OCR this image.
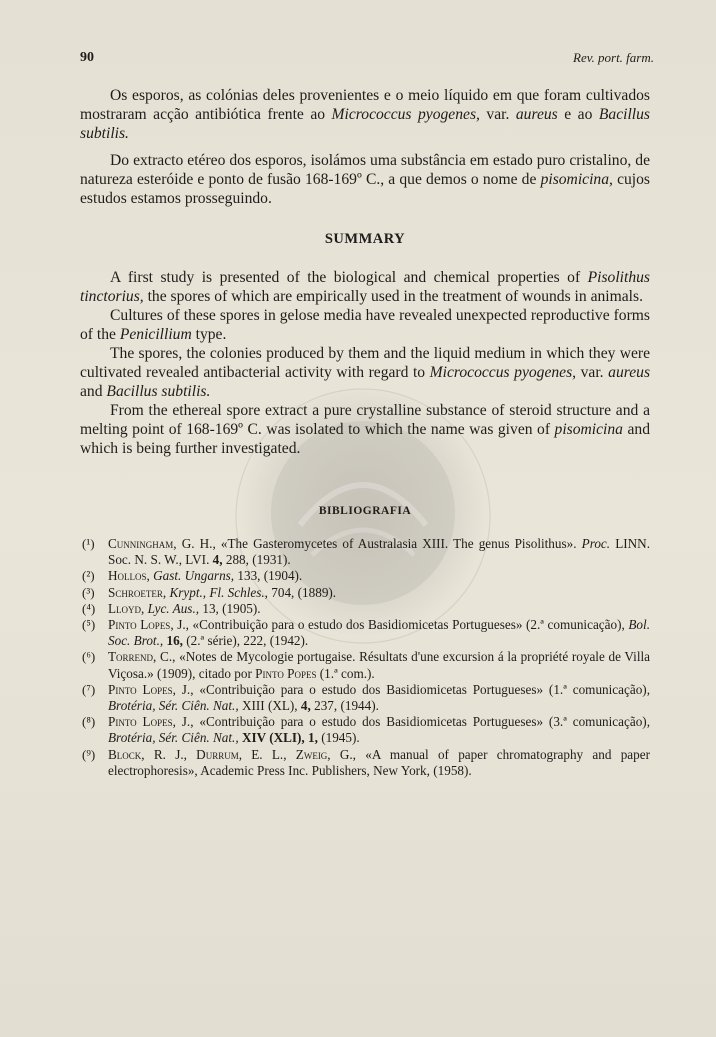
90	Rev. port. farm.

Os esporos, as colónias deles provenientes e o meio líquido em que foram cultivados mostraram acção antibiótica frente ao Micrococcus pyogenes, var. aureus e ao Bacillus subtilis.

Do extracto etéreo dos esporos, isolámos uma substância em estado puro cristalino, de natureza esteróide e ponto de fusão 168-169º C., a que demos o nome de pisomicina, cujos estudos estamos prosseguindo.

SUMMARY

A first study is presented of the biological and chemical properties of Pisolithus tinctorius, the spores of which are empirically used in the treatment of wounds in animals.

Cultures of these spores in gelose media have revealed unexpected reproductive forms of the Penicillium type.

The spores, the colonies produced by them and the liquid medium in which they were cultivated revealed antibacterial activity with regard to Micrococcus pyogenes, var. aureus and Bacillus subtilis.

From the ethereal spore extract a pure crystalline substance of steroid structure and a melting point of 168-169º C. was isolated to which the name was given of pisomicina and which is being further investigated.

BIBLIOGRAFIA
(¹) Cunningham, G. H., «The Gasteromycetes of Australasia XIII. The genus Pisolithus». Proc. LINN. Soc. N. S. W., LVI. 4, 288, (1931).
(²) Hollos, Gast. Ungarns, 133, (1904).
(³) Schroeter, Krypt., Fl. Schles., 704, (1889).
(⁴) Lloyd, Lyc. Aus., 13, (1905).
(⁵) Pinto Lopes, J., «Contribuição para o estudo dos Basidiomicetas Portugueses» (2.ª comunicação), Bol. Soc. Brot., 16, (2.ª série), 222, (1942).
(⁶) Torrend, C., «Notes de Mycologie portugaise. Résultats d'une excursion á la propriété royale de Villa Viçosa.» (1909), citado por Pinto Popes (1.ª com.).
(⁷) Pinto Lopes, J., «Contribuição para o estudo dos Basidiomicetas Portugueses» (1.ª comunicação), Brotéria, Sér. Ciên. Nat., XIII (XL), 4, 237, (1944).
(⁸) Pinto Lopes, J., «Contribuição para o estudo dos Basidiomicetas Portugueses» (3.ª comunicação), Brotéria, Sér. Ciên. Nat., XIV (XLI), 1, (1945).
(⁹) Block, R. J., Durrum, E. L., Zweig, G., «A manual of paper chromatography and paper electrophoresis», Academic Press Inc. Publishers, New York, (1958).
